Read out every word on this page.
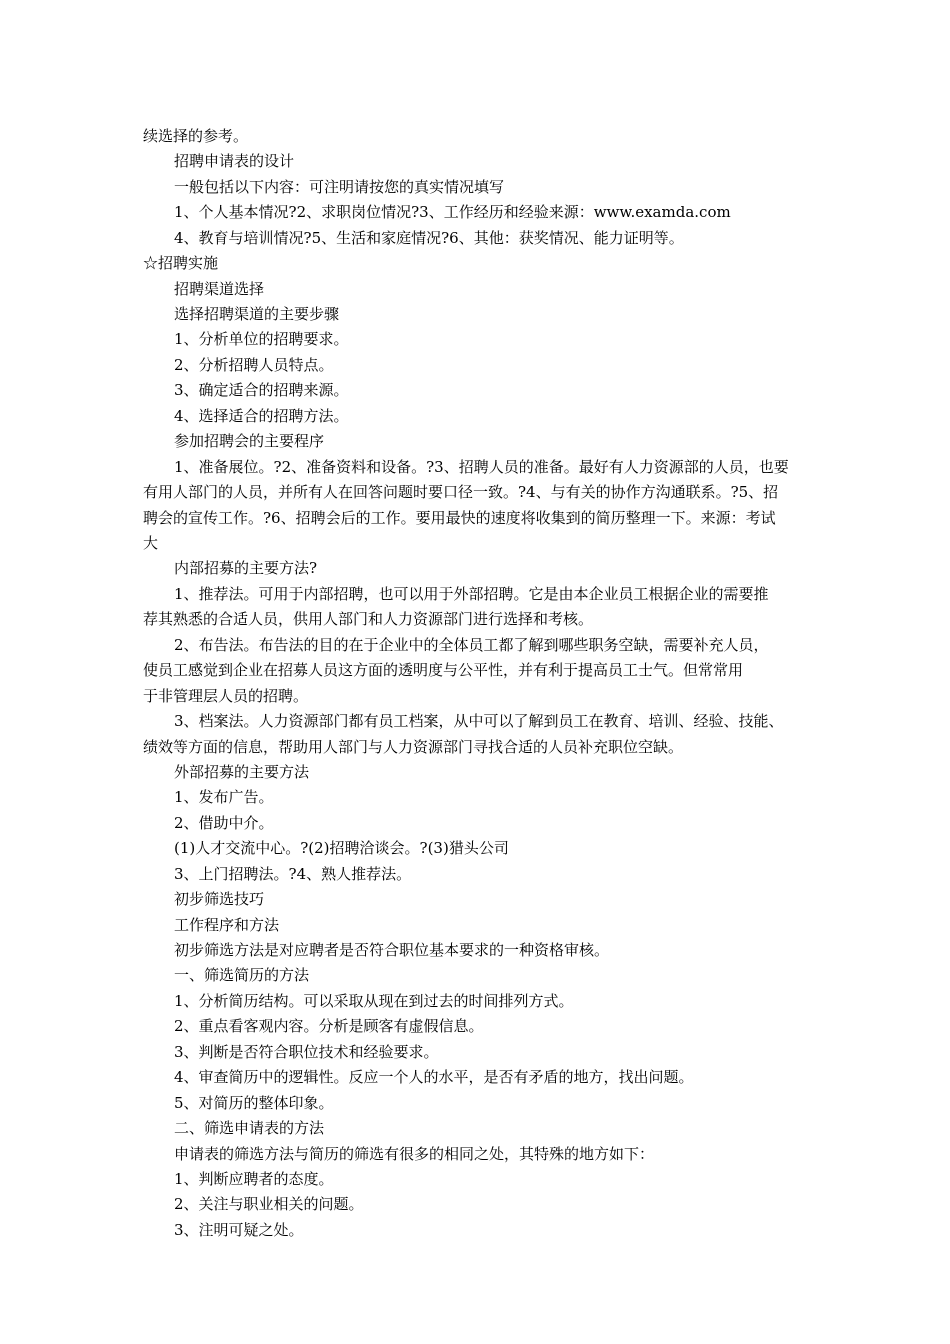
续选择的参考。
招聘申请表的设计
一般包括以下内容：可注明请按您的真实情况填写
1、个人基本情况?2、求职岗位情况?3、工作经历和经验来源：www.examda.com
4、教育与培训情况?5、生活和家庭情况?6、其他：获奖情况、能力证明等。
☆招聘实施
招聘渠道选择
选择招聘渠道的主要步骤
1、分析单位的招聘要求。
2、分析招聘人员特点。
3、确定适合的招聘来源。
4、选择适合的招聘方法。
参加招聘会的主要程序
1、准备展位。?2、准备资料和设备。?3、招聘人员的准备。最好有人力资源部的人员，也要
有用人部门的人员，并所有人在回答问题时要口径一致。?4、与有关的协作方沟通联系。?5、招
聘会的宣传工作。?6、招聘会后的工作。要用最快的速度将收集到的简历整理一下。来源：考试
大
内部招募的主要方法?
1、推荐法。可用于内部招聘，也可以用于外部招聘。它是由本企业员工根据企业的需要推
荐其熟悉的合适人员，供用人部门和人力资源部门进行选择和考核。
2、布告法。布告法的目的在于企业中的全体员工都了解到哪些职务空缺，需要补充人员，
使员工感觉到企业在招募人员这方面的透明度与公平性，并有利于提高员工士气。但常常用
于非管理层人员的招聘。
3、档案法。人力资源部门都有员工档案，从中可以了解到员工在教育、培训、经验、技能、
绩效等方面的信息，帮助用人部门与人力资源部门寻找合适的人员补充职位空缺。
外部招募的主要方法
1、发布广告。
2、借助中介。
(1)人才交流中心。?(2)招聘洽谈会。?(3)猎头公司
3、上门招聘法。?4、熟人推荐法。
初步筛选技巧
工作程序和方法
初步筛选方法是对应聘者是否符合职位基本要求的一种资格审核。
一、筛选简历的方法
1、分析简历结构。可以采取从现在到过去的时间排列方式。
2、重点看客观内容。分析是顾客有虚假信息。
3、判断是否符合职位技术和经验要求。
4、审查简历中的逻辑性。反应一个人的水平，是否有矛盾的地方，找出问题。
5、对简历的整体印象。
二、筛选申请表的方法
申请表的筛选方法与简历的筛选有很多的相同之处，其特殊的地方如下：
1、判断应聘者的态度。
2、关注与职业相关的问题。
3、注明可疑之处。
